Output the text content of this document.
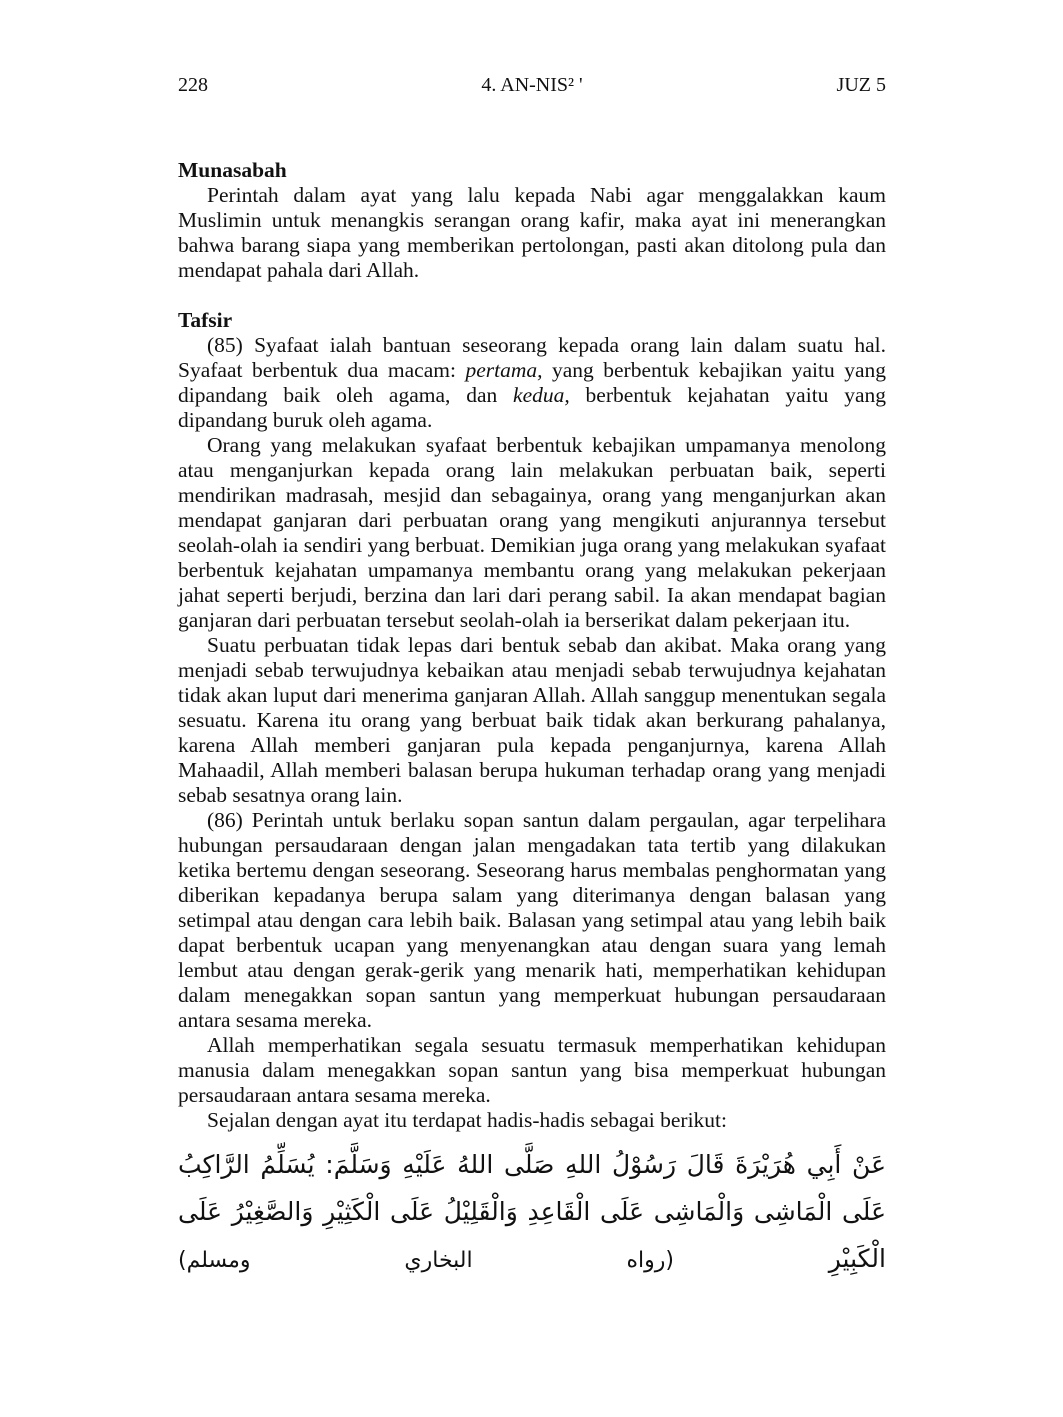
228	4. AN-NIS² '	JUZ 5
Munasabah

Perintah dalam ayat yang lalu kepada Nabi agar menggalakkan kaum Muslimin untuk menangkis serangan orang kafir, maka ayat ini menerangkan bahwa barang siapa yang memberikan pertolongan, pasti akan ditolong pula dan mendapat pahala dari Allah.

Tafsir

(85) Syafaat ialah bantuan seseorang kepada orang lain dalam suatu hal. Syafaat berbentuk dua macam: pertama, yang berbentuk kebajikan yaitu yang dipandang baik oleh agama, dan kedua, berbentuk kejahatan yaitu yang dipandang buruk oleh agama.

Orang yang melakukan syafaat berbentuk kebajikan umpamanya menolong atau menganjurkan kepada orang lain melakukan perbuatan baik, seperti mendirikan madrasah, mesjid dan sebagainya, orang yang menganjurkan akan mendapat ganjaran dari perbuatan orang yang mengikuti anjurannya tersebut seolah-olah ia sendiri yang berbuat. Demikian juga orang yang melakukan syafaat berbentuk kejahatan umpamanya membantu orang yang melakukan pekerjaan jahat seperti berjudi, berzina dan lari dari perang sabil. Ia akan mendapat bagian ganjaran dari perbuatan tersebut seolah-olah ia berserikat dalam pekerjaan itu.

Suatu perbuatan tidak lepas dari bentuk sebab dan akibat. Maka orang yang menjadi sebab terwujudnya kebaikan atau menjadi sebab terwujudnya kejahatan tidak akan luput dari menerima ganjaran Allah. Allah sanggup menentukan segala sesuatu. Karena itu orang yang berbuat baik tidak akan berkurang pahalanya, karena Allah memberi ganjaran pula kepada penganjurnya, karena Allah Mahaadil, Allah memberi balasan berupa hukuman terhadap orang yang menjadi sebab sesatnya orang lain.

(86) Perintah untuk berlaku sopan santun dalam pergaulan, agar terpelihara hubungan persaudaraan dengan jalan mengadakan tata tertib yang dilakukan ketika bertemu dengan seseorang. Seseorang harus membalas penghormatan yang diberikan kepadanya berupa salam yang diterimanya dengan balasan yang setimpal atau dengan cara lebih baik. Balasan yang setimpal atau yang lebih baik dapat berbentuk ucapan yang menyenangkan atau dengan suara yang lemah lembut atau dengan gerak-gerik yang menarik hati, memperhatikan kehidupan dalam menegakkan sopan santun yang memperkuat hubungan persaudaraan antara sesama mereka.

Allah memperhatikan segala sesuatu termasuk memperhatikan kehidupan manusia dalam menegakkan sopan santun yang bisa memperkuat hubungan persaudaraan antara sesama mereka.

Sejalan dengan ayat itu terdapat hadis-hadis sebagai berikut:

عَنْ أَبِي هُرَيْرَةَ قَالَ رَسُوْلُ اللهِ صَلَّى اللهُ عَلَيْهِ وَسَلَّمَ: يُسَلِّمُ الرَّاكِبُ عَلَى الْمَاشِى وَالْمَاشِى عَلَى الْقَاعِدِ وَالْقَلِيْلُ عَلَى الْكَثِيْرِ وَالصَّغِيْرُ عَلَى الْكَبِيْرِ (رواه البخاري ومسلم)
